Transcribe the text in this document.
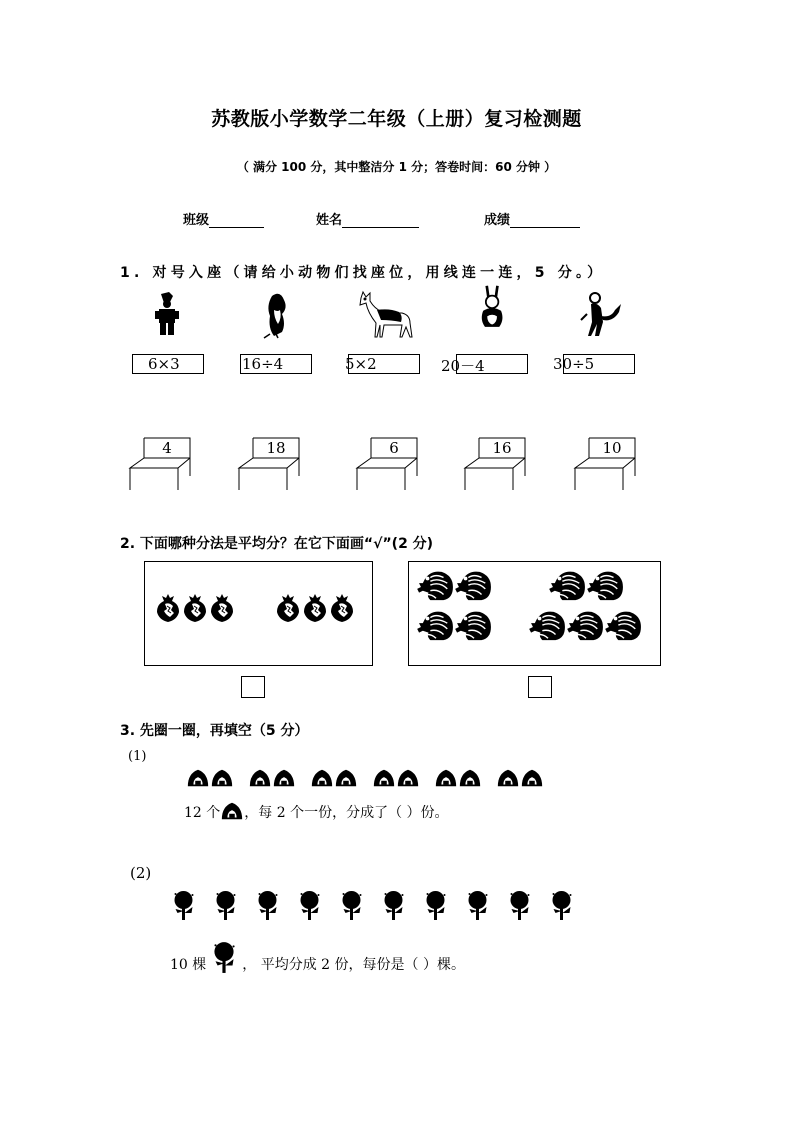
苏教版小学数学二年级（上册）复习检测题
（ 满分 100 分，其中整洁分 1 分；答卷时间：60 分钟 ）
班级	姓名	成绩
1. 对号入座（请给小动物们找座位，用线连一连，5 分。）
6×3	16÷4	5×2	20－4	30÷5
4	18	6	16	10
2. 下面哪种分法是平均分？在它下面画“√”(2 分)
3. 先圈一圈，再填空（5 分）
(1)
12 个 ，每 2 个一份，分成了（ ）份。
(2)
10 棵	， 平均分成 2 份，每份是（ ）棵。
